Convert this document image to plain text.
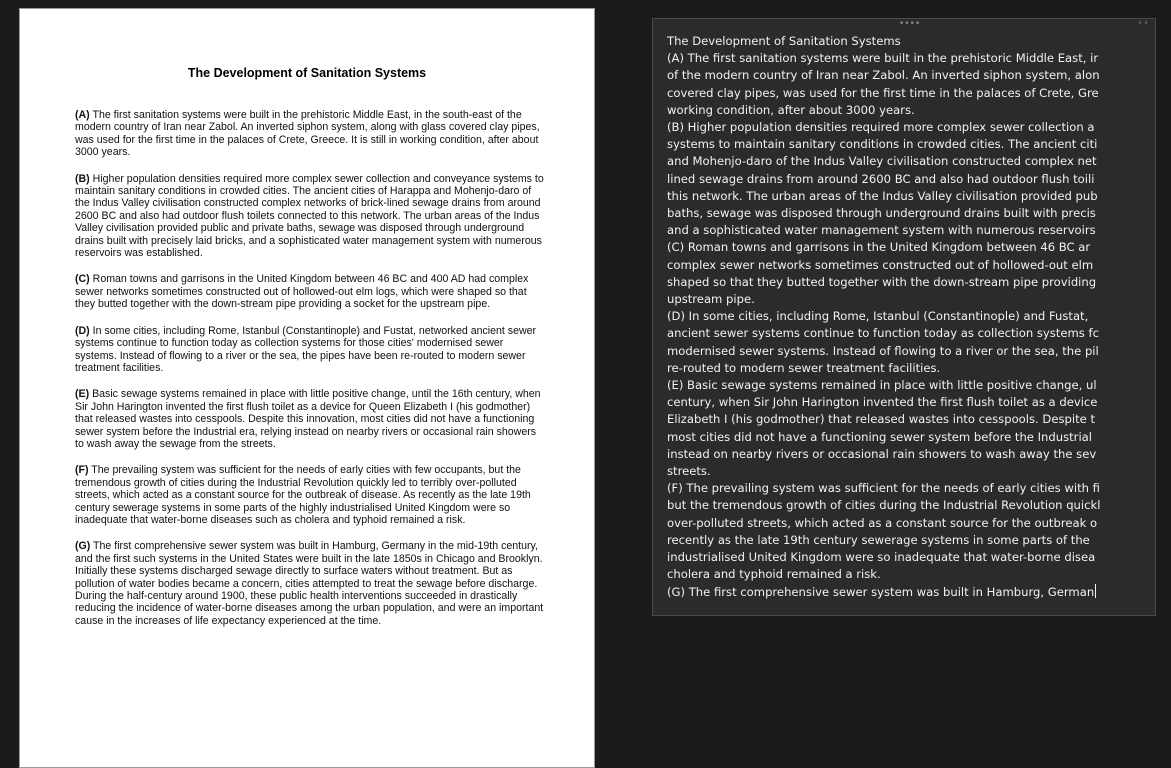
The Development of Sanitation Systems

(A) The first sanitation systems were built in the prehistoric Middle East, in the south-east of the modern country of Iran near Zabol. An inverted siphon system, along with glass covered clay pipes, was used for the first time in the palaces of Crete, Greece. It is still in working condition, after about 3000 years.

(B) Higher population densities required more complex sewer collection and conveyance systems to maintain sanitary conditions in crowded cities. The ancient cities of Harappa and Mohenjo-daro of the Indus Valley civilisation constructed complex networks of brick-lined sewage drains from around 2600 BC and also had outdoor flush toilets connected to this network. The urban areas of the Indus Valley civilisation provided public and private baths, sewage was disposed through underground drains built with precisely laid bricks, and a sophisticated water management system with numerous reservoirs was established.

(C) Roman towns and garrisons in the United Kingdom between 46 BC and 400 AD had complex sewer networks sometimes constructed out of hollowed-out elm logs, which were shaped so that they butted together with the down-stream pipe providing a socket for the upstream pipe.

(D) In some cities, including Rome, Istanbul (Constantinople) and Fustat, networked ancient sewer systems continue to function today as collection systems for those cities' modernised sewer systems. Instead of flowing to a river or the sea, the pipes have been re-routed to modern sewer treatment facilities.

(E) Basic sewage systems remained in place with little positive change, until the 16th century, when Sir John Harington invented the first flush toilet as a device for Queen Elizabeth I (his godmother) that released wastes into cesspools. Despite this innovation, most cities did not have a functioning sewer system before the Industrial era, relying instead on nearby rivers or occasional rain showers to wash away the sewage from the streets.

(F) The prevailing system was sufficient for the needs of early cities with few occupants, but the tremendous growth of cities during the Industrial Revolution quickly led to terribly over-polluted streets, which acted as a constant source for the outbreak of disease. As recently as the late 19th century sewerage systems in some parts of the highly industrialised United Kingdom were so inadequate that water-borne diseases such as cholera and typhoid remained a risk.

(G) The first comprehensive sewer system was built in Hamburg, Germany in the mid-19th century, and the first such systems in the United States were built in the late 1850s in Chicago and Brooklyn. Initially these systems discharged sewage directly to surface waters without treatment. But as pollution of water bodies became a concern, cities attempted to treat the sewage before discharge. During the half-century around 1900, these public health interventions succeeded in drastically reducing the incidence of water-borne diseases among the urban population, and were an important cause in the increases of life expectancy experienced at the time.

••••	‹ ›
The Development of Sanitation Systems
(A) The first sanitation systems were built in the prehistoric Middle East, ir
of the modern country of Iran near Zabol. An inverted siphon system, alon
covered clay pipes, was used for the first time in the palaces of Crete, Gre
working condition, after about 3000 years.
(B) Higher population densities required more complex sewer collection a
systems to maintain sanitary conditions in crowded cities. The ancient citi
and Mohenjo-daro of the Indus Valley civilisation constructed complex net
lined sewage drains from around 2600 BC and also had outdoor flush toili
this network. The urban areas of the Indus Valley civilisation provided pub
baths, sewage was disposed through underground drains built with precis
and a sophisticated water management system with numerous reservoirs
(C) Roman towns and garrisons in the United Kingdom between 46 BC ar
complex sewer networks sometimes constructed out of hollowed-out elm
shaped so that they butted together with the down-stream pipe providing
upstream pipe.
(D) In some cities, including Rome, Istanbul (Constantinople) and Fustat,
ancient sewer systems continue to function today as collection systems fc
modernised sewer systems. Instead of flowing to a river or the sea, the pil
re-routed to modern sewer treatment facilities.
(E) Basic sewage systems remained in place with little positive change, ul
century, when Sir John Harington invented the first flush toilet as a device
Elizabeth I (his godmother) that released wastes into cesspools. Despite t
most cities did not have a functioning sewer system before the Industrial
instead on nearby rivers or occasional rain showers to wash away the sev
streets.
(F) The prevailing system was sufficient for the needs of early cities with fi
but the tremendous growth of cities during the Industrial Revolution quickl
over-polluted streets, which acted as a constant source for the outbreak o
recently as the late 19th century sewerage systems in some parts of the
industrialised United Kingdom were so inadequate that water-borne disea
cholera and typhoid remained a risk.
(G) The first comprehensive sewer system was built in Hamburg, German
